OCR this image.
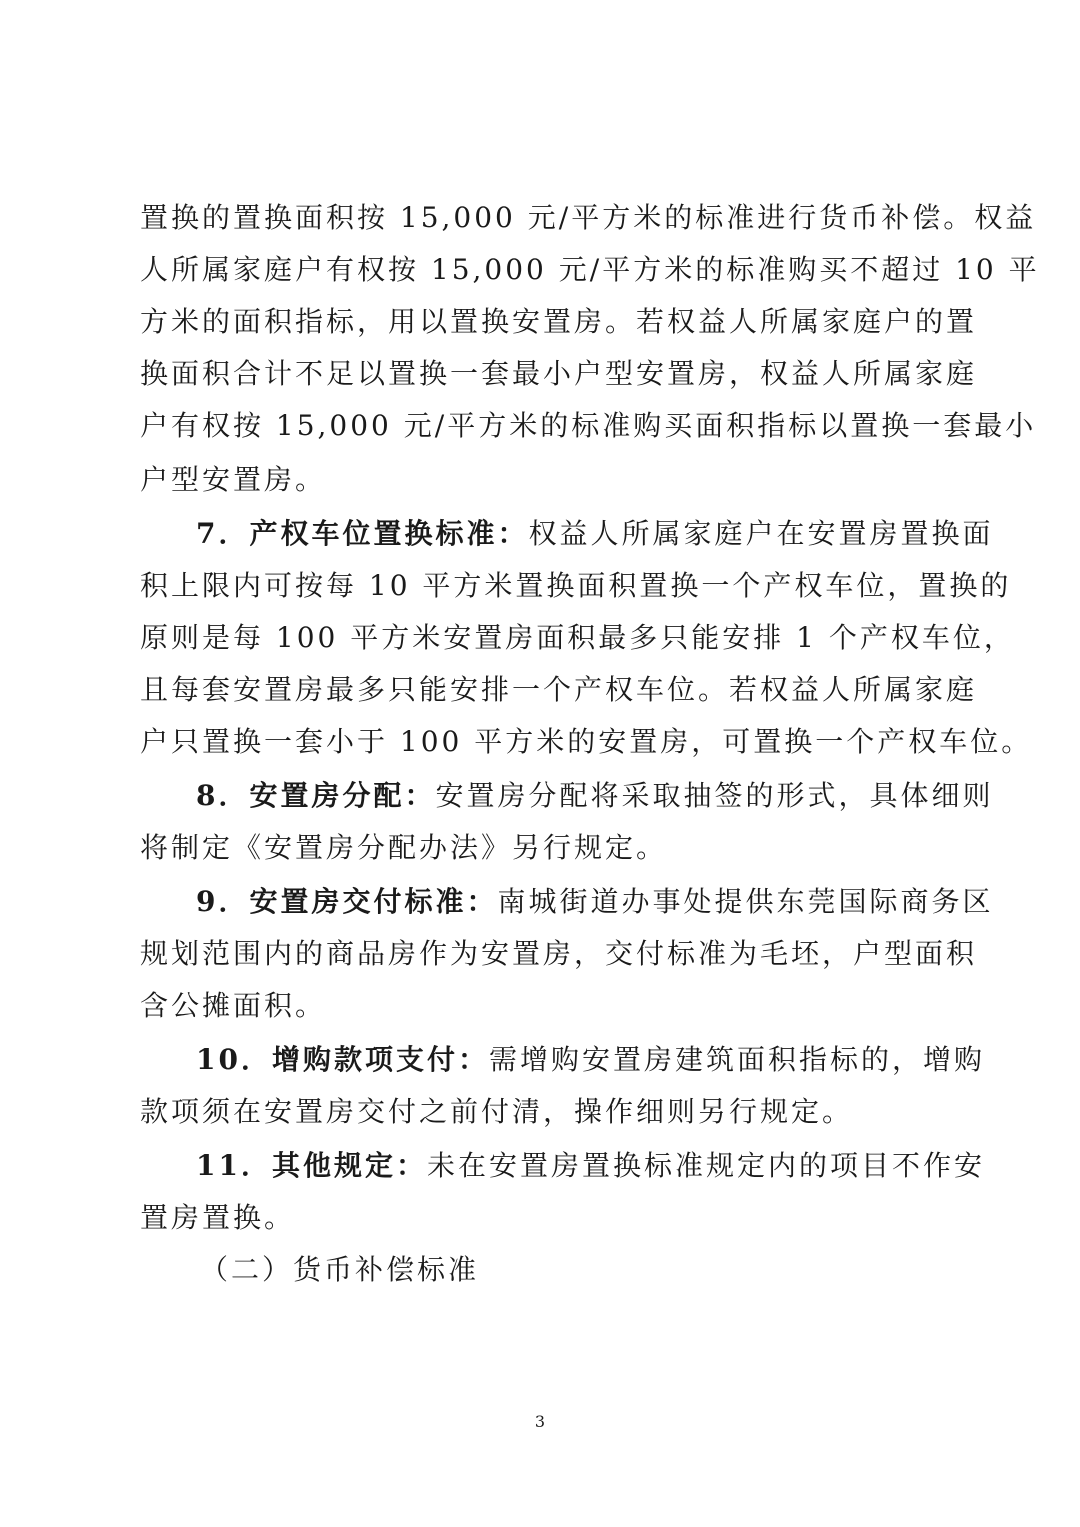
置换的置换面积按 15,000 元/平方米的标准进行货币补偿。权益
人所属家庭户有权按 15,000 元/平方米的标准购买不超过 10 平
方米的面积指标，用以置换安置房。若权益人所属家庭户的置
换面积合计不足以置换一套最小户型安置房，权益人所属家庭
户有权按 15,000 元/平方米的标准购买面积指标以置换一套最小
户型安置房。
7．产权车位置换标准：权益人所属家庭户在安置房置换面
积上限内可按每 10 平方米置换面积置换一个产权车位，置换的
原则是每 100 平方米安置房面积最多只能安排 1 个产权车位，
且每套安置房最多只能安排一个产权车位。若权益人所属家庭
户只置换一套小于 100 平方米的安置房，可置换一个产权车位。
8．安置房分配：安置房分配将采取抽签的形式，具体细则
将制定《安置房分配办法》另行规定。
9．安置房交付标准：南城街道办事处提供东莞国际商务区
规划范围内的商品房作为安置房，交付标准为毛坯，户型面积
含公摊面积。
10．增购款项支付：需增购安置房建筑面积指标的，增购
款项须在安置房交付之前付清，操作细则另行规定。
11．其他规定：未在安置房置换标准规定内的项目不作安
置房置换。
（二）货币补偿标准
3
